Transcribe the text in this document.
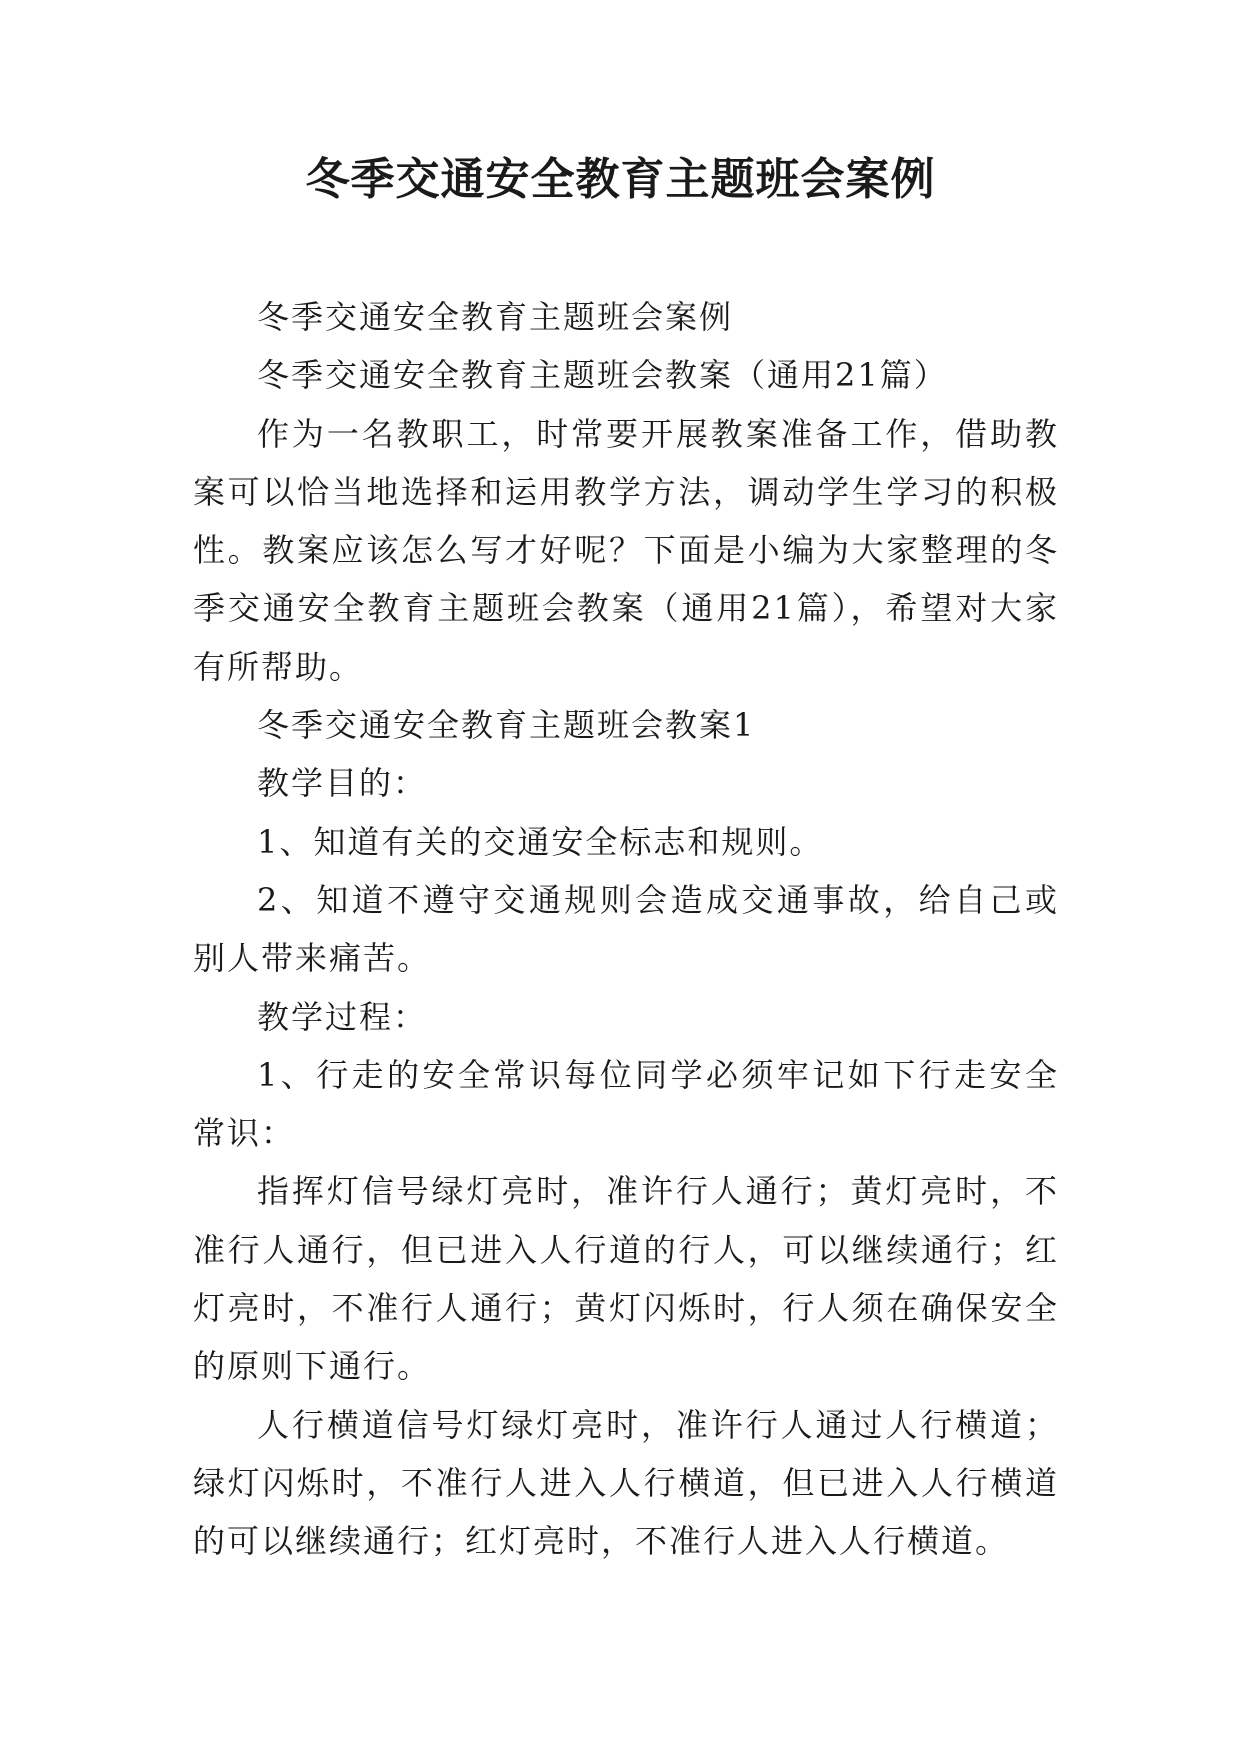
冬季交通安全教育主题班会案例

冬季交通安全教育主题班会案例

冬季交通安全教育主题班会教案（通用21篇）

作为一名教职工，时常要开展教案准备工作，借助教案可以恰当地选择和运用教学方法，调动学生学习的积极性。教案应该怎么写才好呢？下面是小编为大家整理的冬季交通安全教育主题班会教案（通用21篇），希望对大家有所帮助。

冬季交通安全教育主题班会教案1

教学目的：

1、知道有关的交通安全标志和规则。

2、知道不遵守交通规则会造成交通事故，给自己或别人带来痛苦。

教学过程：

1、行走的安全常识每位同学必须牢记如下行走安全常识：

指挥灯信号绿灯亮时，准许行人通行；黄灯亮时，不准行人通行，但已进入人行道的行人，可以继续通行；红灯亮时，不准行人通行；黄灯闪烁时，行人须在确保安全的原则下通行。

人行横道信号灯绿灯亮时，准许行人通过人行横道；绿灯闪烁时，不准行人进入人行横道，但已进入人行横道的可以继续通行；红灯亮时，不准行人进入人行横道。
